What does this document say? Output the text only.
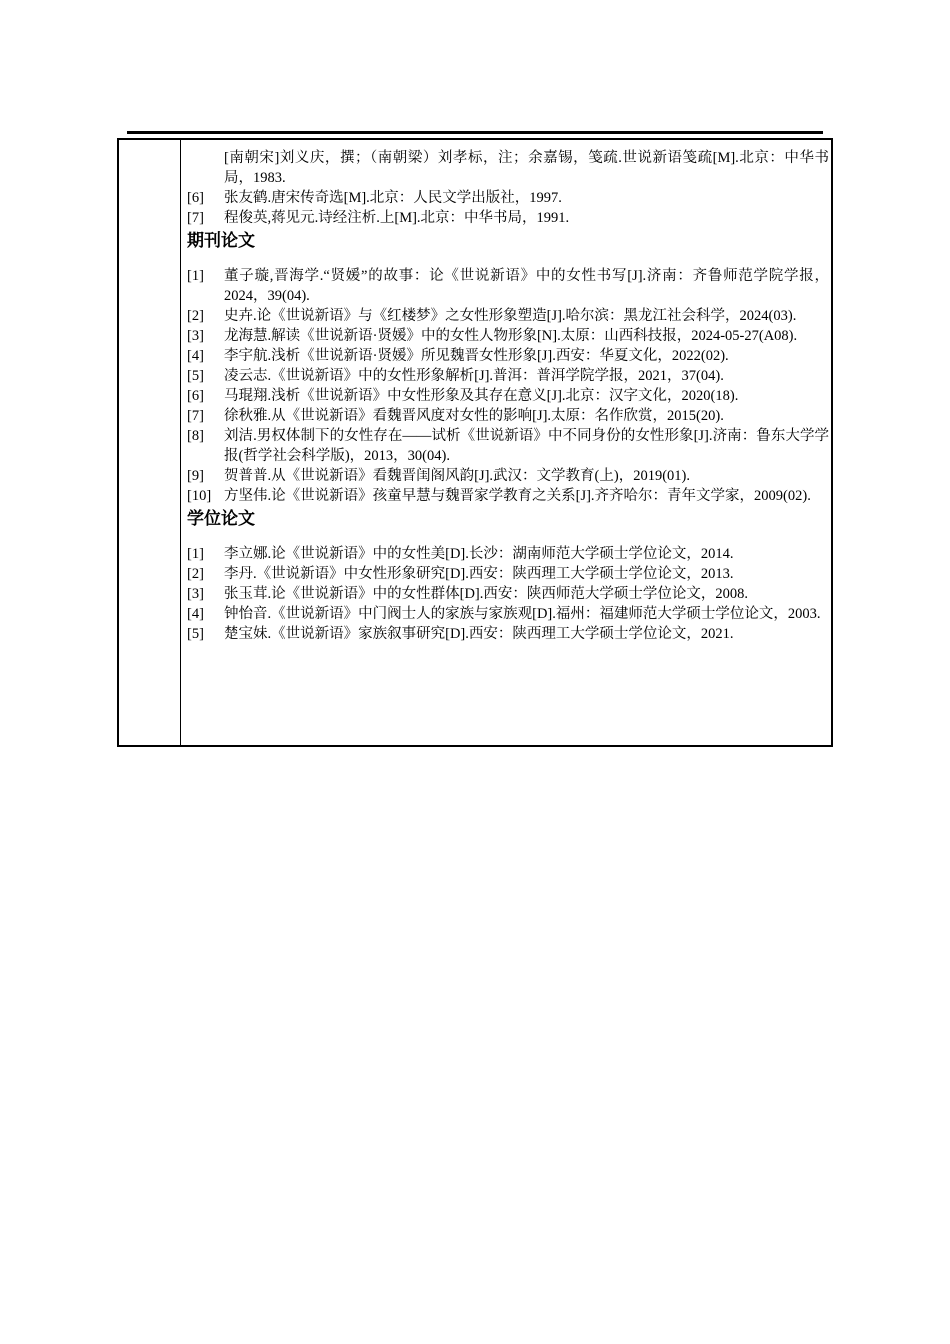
[南朝宋]刘义庆，撰；（南朝梁）刘孝标，注；余嘉锡，笺疏.世说新语笺疏[M].北京：中华书局，1983.
[6]	张友鹤.唐宋传奇选[M].北京：人民文学出版社，1997.
[7]	程俊英,蒋见元.诗经注析.上[M].北京：中华书局，1991.
期刊论文
[1]	董子璇,晋海学.“贤媛”的故事：论《世说新语》中的女性书写[J].济南：齐鲁师范学院学报，2024，39(04).
[2]	史卉.论《世说新语》与《红楼梦》之女性形象塑造[J].哈尔滨：黑龙江社会科学，2024(03).
[3]	龙海慧.解读《世说新语·贤媛》中的女性人物形象[N].太原：山西科技报，2024-05-27(A08).
[4]	李宇航.浅析《世说新语·贤媛》所见魏晋女性形象[J].西安：华夏文化，2022(02).
[5]	凌云志.《世说新语》中的女性形象解析[J].普洱：普洱学院学报，2021，37(04).
[6]	马琨翔.浅析《世说新语》中女性形象及其存在意义[J].北京：汉字文化，2020(18).
[7]	徐秋雅.从《世说新语》看魏晋风度对女性的影响[J].太原：名作欣赏，2015(20).
[8]	刘洁.男权体制下的女性存在——试析《世说新语》中不同身份的女性形象[J].济南：鲁东大学学报(哲学社会科学版)，2013，30(04).
[9]	贺普普.从《世说新语》看魏晋闺阁风韵[J].武汉：文学教育(上)，2019(01).
[10] 方坚伟.论《世说新语》孩童早慧与魏晋家学教育之关系[J].齐齐哈尔：青年文学家，2009(02).
学位论文
[1]	李立娜.论《世说新语》中的女性美[D].长沙：湖南师范大学硕士学位论文，2014.
[2]	李丹.《世说新语》中女性形象研究[D].西安：陕西理工大学硕士学位论文，2013.
[3]	张玉茸.论《世说新语》中的女性群体[D].西安：陕西师范大学硕士学位论文，2008.
[4]	钟怡音.《世说新语》中门阀士人的家族与家族观[D].福州：福建师范大学硕士学位论文，2003.
[5]	楚宝妹.《世说新语》家族叙事研究[D].西安：陕西理工大学硕士学位论文，2021.
